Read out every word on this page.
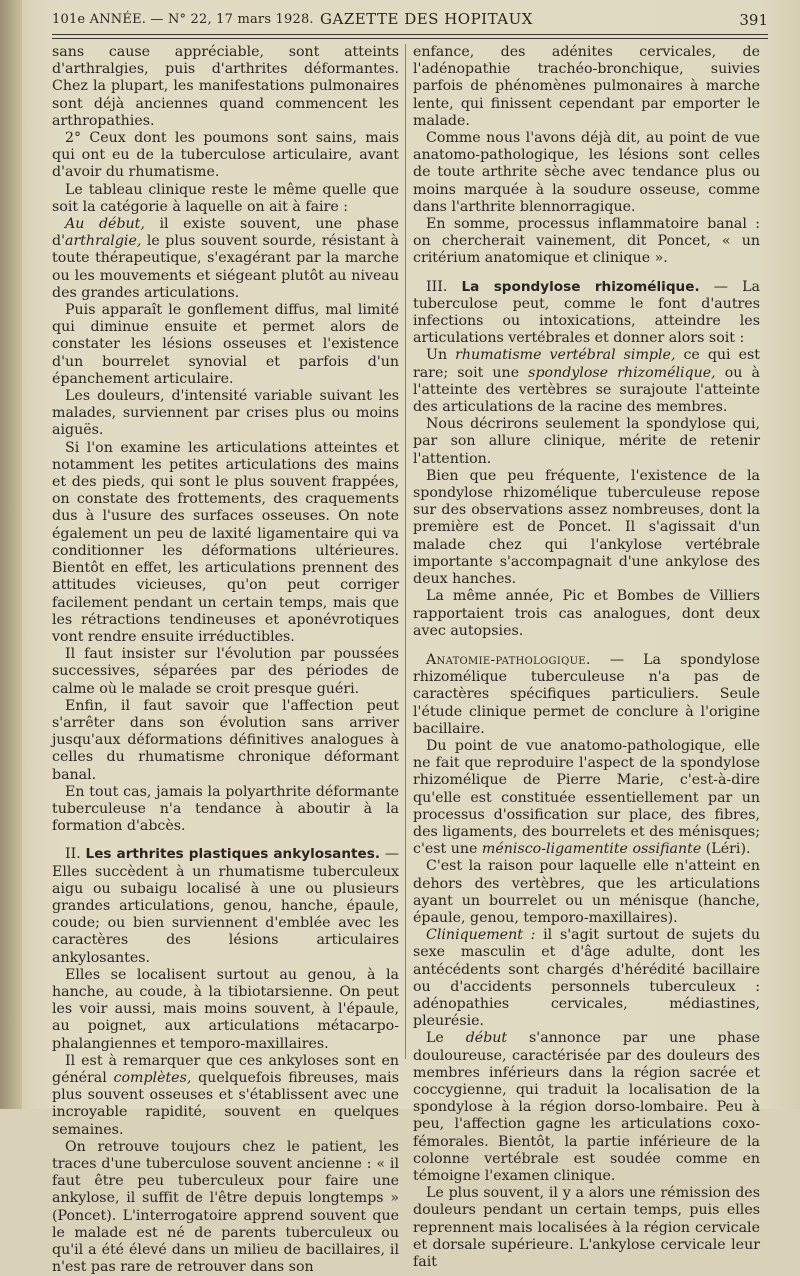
101e ANNÉE. — N° 22, 17 mars 1928. GAZETTE DES HOPITAUX	391

sans cause appréciable, sont atteints d'arthralgies, puis d'arthrites déformantes. Chez la plupart, les manifestations pulmonaires sont déjà anciennes quand commencent les arthropathies.

2° Ceux dont les poumons sont sains, mais qui ont eu de la tuberculose articulaire, avant d'avoir du rhumatisme.

Le tableau clinique reste le même quelle que soit la catégorie à laquelle on ait à faire :

Au début, il existe souvent, une phase d'arthralgie, le plus souvent sourde, résistant à toute thérapeutique, s'exagérant par la marche ou les mouvements et siégeant plutôt au niveau des grandes articulations.

Puis apparaît le gonflement diffus, mal limité qui diminue ensuite et permet alors de constater les lésions osseuses et l'existence d'un bourrelet synovial et parfois d'un épanchement articulaire.

Les douleurs, d'intensité variable suivant les malades, surviennent par crises plus ou moins aiguës.

Si l'on examine les articulations atteintes et notamment les petites articulations des mains et des pieds, qui sont le plus souvent frappées, on constate des frottements, des craquements dus à l'usure des surfaces osseuses. On note également un peu de laxité ligamentaire qui va conditionner les déformations ultérieures. Bientôt en effet, les articulations prennent des attitudes vicieuses, qu'on peut corriger facilement pendant un certain temps, mais que les rétractions tendineuses et aponévrotiques vont rendre ensuite irréductibles.

Il faut insister sur l'évolution par poussées successives, séparées par des périodes de calme où le malade se croit presque guéri.

Enfin, il faut savoir que l'affection peut s'arrêter dans son évolution sans arriver jusqu'aux déformations définitives analogues à celles du rhumatisme chronique déformant banal.

En tout cas, jamais la polyarthrite déformante tuberculeuse n'a tendance à aboutir à la formation d'abcès.

II. Les arthrites plastiques ankylosantes. — Elles succèdent à un rhumatisme tuberculeux aigu ou subaigu localisé à une ou plusieurs grandes articulations, genou, hanche, épaule, coude; ou bien surviennent d'emblée avec les caractères des lésions articulaires ankylosantes.

Elles se localisent surtout au genou, à la hanche, au coude, à la tibiotarsienne. On peut les voir aussi, mais moins souvent, à l'épaule, au poignet, aux articulations métacarpo-phalangiennes et temporo-maxillaires.

Il est à remarquer que ces ankyloses sont en général complètes, quelquefois fibreuses, mais plus souvent osseuses et s'établissent avec une incroyable rapidité, souvent en quelques semaines.

On retrouve toujours chez le patient, les traces d'une tuberculose souvent ancienne : « il faut être peu tuberculeux pour faire une ankylose, il suffit de l'être depuis longtemps » (Poncet). L'interrogatoire apprend souvent que le malade est né de parents tuberculeux ou qu'il a été élevé dans un milieu de bacillaires, il n'est pas rare de retrouver dans son

enfance, des adénites cervicales, de l'adénopathie trachéo-bronchique, suivies parfois de phénomènes pulmonaires à marche lente, qui finissent cependant par emporter le malade.

Comme nous l'avons déjà dit, au point de vue anatomo-pathologique, les lésions sont celles de toute arthrite sèche avec tendance plus ou moins marquée à la soudure osseuse, comme dans l'arthrite blennorragique.

En somme, processus inflammatoire banal : on chercherait vainement, dit Poncet, « un critérium anatomique et clinique ».

III. La spondylose rhizomélique. — La tuberculose peut, comme le font d'autres infections ou intoxications, atteindre les articulations vertébrales et donner alors soit :

Un rhumatisme vertébral simple, ce qui est rare; soit une spondylose rhizomélique, ou à l'atteinte des vertèbres se surajoute l'atteinte des articulations de la racine des membres.

Nous décrirons seulement la spondylose qui, par son allure clinique, mérite de retenir l'attention.

Bien que peu fréquente, l'existence de la spondylose rhizomélique tuberculeuse repose sur des observations assez nombreuses, dont la première est de Poncet. Il s'agissait d'un malade chez qui l'ankylose vertébrale importante s'accompagnait d'une ankylose des deux hanches.

La même année, Pic et Bombes de Villiers rapportaient trois cas analogues, dont deux avec autopsies.

Anatomie-pathologique. — La spondylose rhizomélique tuberculeuse n'a pas de caractères spécifiques particuliers. Seule l'étude clinique permet de conclure à l'origine bacillaire.

Du point de vue anatomo-pathologique, elle ne fait que reproduire l'aspect de la spondylose rhizomélique de Pierre Marie, c'est-à-dire qu'elle est constituée essentiellement par un processus d'ossification sur place, des fibres, des ligaments, des bourrelets et des ménisques; c'est une ménisco-ligamentite ossifiante (Léri).

C'est la raison pour laquelle elle n'atteint en dehors des vertèbres, que les articulations ayant un bourrelet ou un ménisque (hanche, épaule, genou, temporo-maxillaires).

Cliniquement : il s'agit surtout de sujets du sexe masculin et d'âge adulte, dont les antécédents sont chargés d'hérédité bacillaire ou d'accidents personnels tuberculeux : adénopathies cervicales, médiastines, pleurésie.

Le début s'annonce par une phase douloureuse, caractérisée par des douleurs des membres inférieurs dans la région sacrée et coccygienne, qui traduit la localisation de la spondylose à la région dorso-lombaire. Peu à peu, l'affection gagne les articulations coxo-fémorales. Bientôt, la partie inférieure de la colonne vertébrale est soudée comme en témoigne l'examen clinique.

Le plus souvent, il y a alors une rémission des douleurs pendant un certain temps, puis elles reprennent mais localisées à la région cervicale et dorsale supérieure. L'ankylose cervicale leur fait
